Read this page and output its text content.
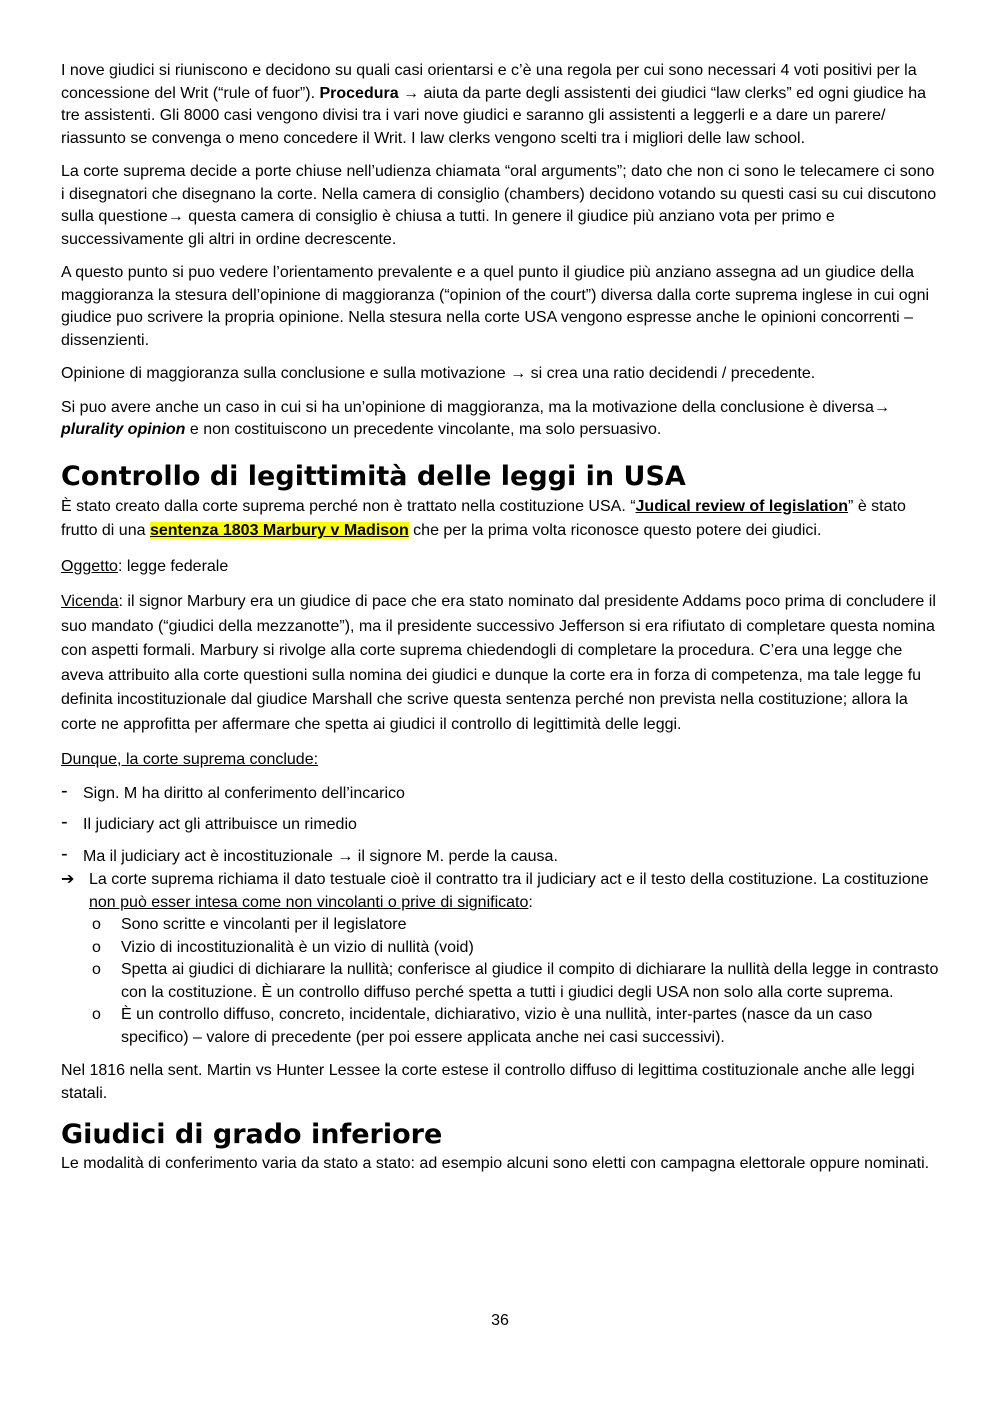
I nove giudici si riuniscono e decidono su quali casi orientarsi e c’è una regola per cui sono necessari 4 voti positivi per la concessione del Writ (“rule of fuor”). Procedura → aiuta da parte degli assistenti dei giudici “law clerks” ed ogni giudice ha tre assistenti. Gli 8000 casi vengono divisi tra i vari nove giudici e saranno gli assistenti a leggerli e a dare un parere/ riassunto se convenga o meno concedere il Writ. I law clerks vengono scelti tra i migliori delle law school.

La corte suprema decide a porte chiuse nell’udienza chiamata “oral arguments”; dato che non ci sono le telecamere ci sono i disegnatori che disegnano la corte. Nella camera di consiglio (chambers) decidono votando su questi casi su cui discutono sulla questione→ questa camera di consiglio è chiusa a tutti. In genere il giudice più anziano vota per primo e successivamente gli altri in ordine decrescente.

A questo punto si puo vedere l’orientamento prevalente e a quel punto il giudice più anziano assegna ad un giudice della maggioranza la stesura dell’opinione di maggioranza (“opinion of the court”) diversa dalla corte suprema inglese in cui ogni giudice puo scrivere la propria opinione. Nella stesura nella corte USA vengono espresse anche le opinioni concorrenti – dissenzienti.

Opinione di maggioranza sulla conclusione e sulla motivazione → si crea una ratio decidendi / precedente.

Si puo avere anche un caso in cui si ha un’opinione di maggioranza, ma la motivazione della conclusione è diversa→ plurality opinion e non costituiscono un precedente vincolante, ma solo persuasivo.

Controllo di legittimità delle leggi in USA

È stato creato dalla corte suprema perché non è trattato nella costituzione USA. “Judical review of legislation” è stato frutto di una sentenza 1803 Marbury v Madison che per la prima volta riconosce questo potere dei giudici.

Oggetto: legge federale

Vicenda: il signor Marbury era un giudice di pace che era stato nominato dal presidente Addams poco prima di concludere il suo mandato (“giudici della mezzanotte”), ma il presidente successivo Jefferson si era rifiutato di completare questa nomina con aspetti formali. Marbury si rivolge alla corte suprema chiedendogli di completare la procedura. C’era una legge che aveva attribuito alla corte questioni sulla nomina dei giudici e dunque la corte era in forza di competenza, ma tale legge fu definita incostituzionale dal giudice Marshall che scrive questa sentenza perché non prevista nella costituzione; allora la corte ne approfitta per affermare che spetta ai giudici il controllo di legittimità delle leggi.

Dunque, la corte suprema conclude:

- Sign. M ha diritto al conferimento dell’incarico
- Il judiciary act gli attribuisce un rimedio
- Ma il judiciary act è incostituzionale → il signore M. perde la causa.
➔ La corte suprema richiama il dato testuale cioè il contratto tra il judiciary act e il testo della costituzione. La costituzione non può esser intesa come non vincolanti o prive di significato:
o Sono scritte e vincolanti per il legislatore
o Vizio di incostituzionalità è un vizio di nullità (void)
o Spetta ai giudici di dichiarare la nullità; conferisce al giudice il compito di dichiarare la nullità della legge in contrasto con la costituzione. È un controllo diffuso perché spetta a tutti i giudici degli USA non solo alla corte suprema.
o È un controllo diffuso, concreto, incidentale, dichiarativo, vizio è una nullità, inter-partes (nasce da un caso specifico) – valore di precedente (per poi essere applicata anche nei casi successivi).

Nel 1816 nella sent. Martin vs Hunter Lessee la corte estese il controllo diffuso di legittima costituzionale anche alle leggi statali.

Giudici di grado inferiore

Le modalità di conferimento varia da stato a stato: ad esempio alcuni sono eletti con campagna elettorale oppure nominati.

36
